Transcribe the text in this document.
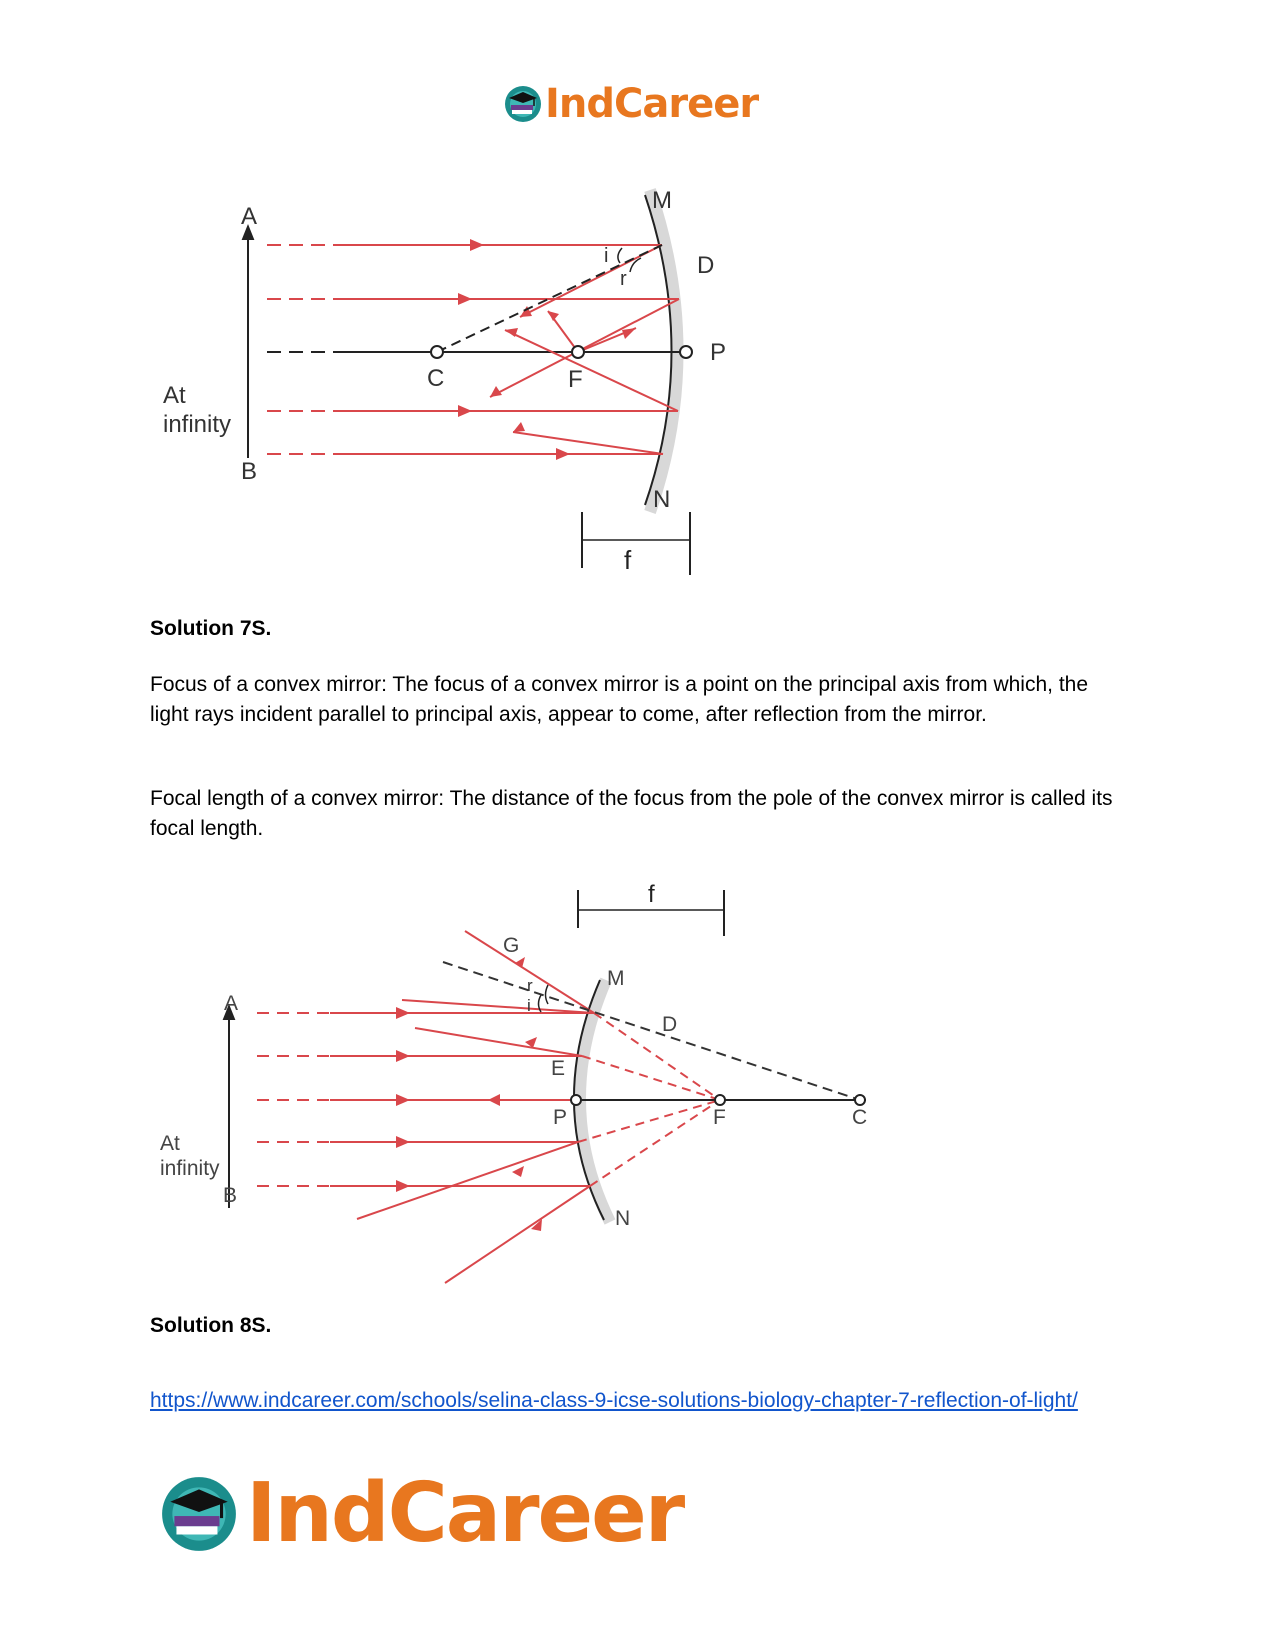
IndCareer
A
B
M
D
P
C	F
N
At
infinity
i
r
f
Solution 7S.
Focus of a convex mirror: The focus of a convex mirror is a point on the principal axis from which, the light rays incident parallel to principal axis, appear to come, after reflection from the mirror.
Focal length of a convex mirror: The distance of the focus from the pole of the convex mirror is called its focal length.
A
B
G
M
D
E
P	F	C
N
At
infinity
r
i
f
Solution 8S.
https://www.indcareer.com/schools/selina-class-9-icse-solutions-biology-chapter-7-reflection-of-light/
IndCareer
